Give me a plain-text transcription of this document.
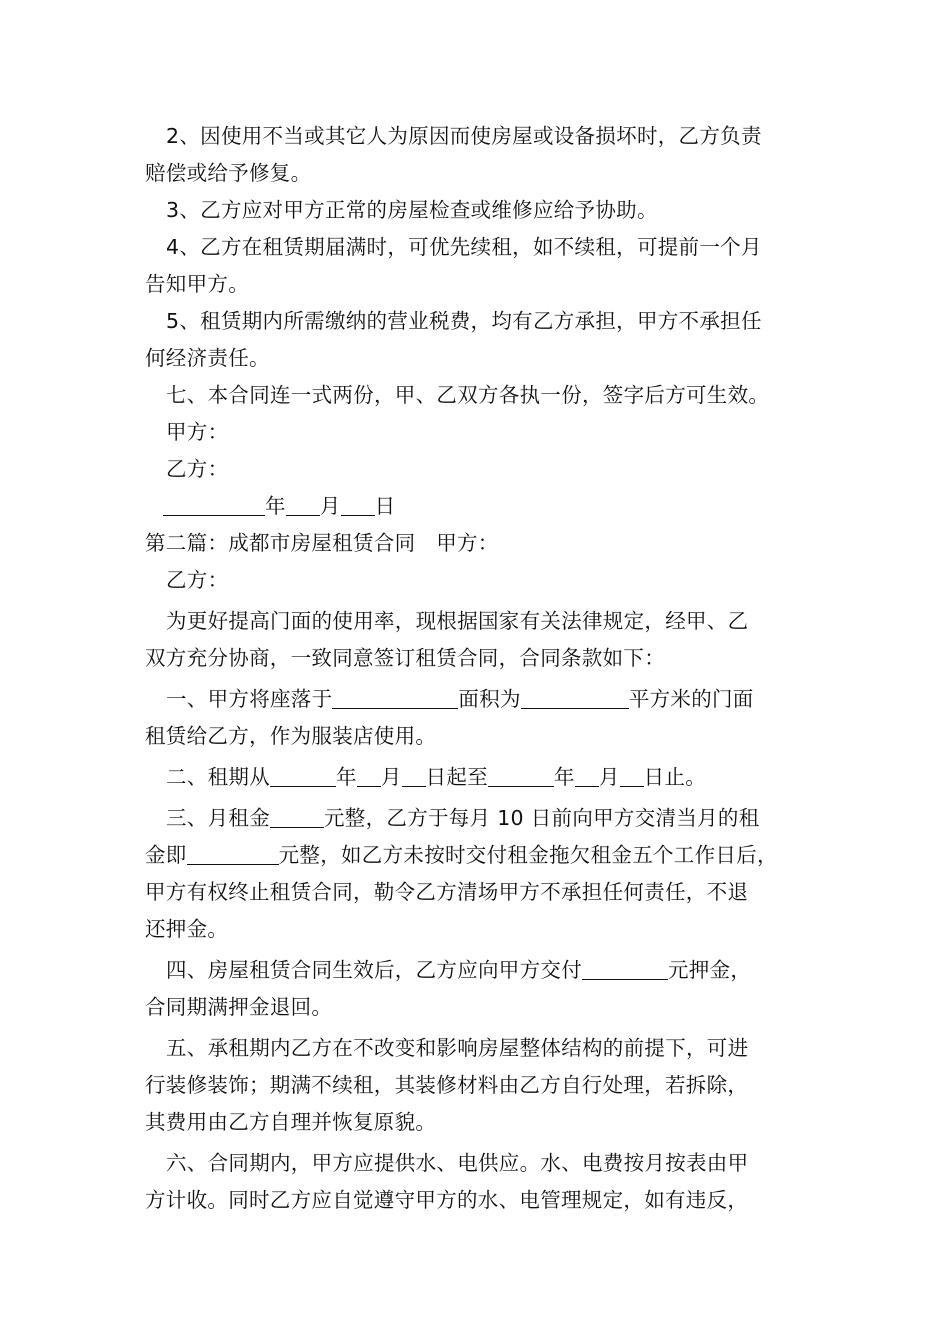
2、因使用不当或其它人为原因而使房屋或设备损坏时，乙方负责
赔偿或给予修复。
3、乙方应对甲方正常的房屋检查或维修应给予协助。
4、乙方在租赁期届满时，可优先续租，如不续租，可提前一个月
告知甲方。
5、租赁期内所需缴纳的营业税费，均有乙方承担，甲方不承担任
何经济责任。
七、本合同连一式两份，甲、乙双方各执一份，签字后方可生效。
甲方：
乙方：
年 月 日
第二篇：成都市房屋租赁合同　甲方：
乙方：
为更好提高门面的使用率，现根据国家有关法律规定，经甲、乙
双方充分协商，一致同意签订租赁合同，合同条款如下：
一、甲方将座落于	面积为	平方米的门面
租赁给乙方，作为服装店使用。
二、租期从	年 月 日起至	年 月 日止。
三、月租金	元整，乙方于每月 10 日前向甲方交清当月的租
金即	元整，如乙方未按时交付租金拖欠租金五个工作日后，
甲方有权终止租赁合同，勒令乙方清场甲方不承担任何责任，不退
还押金。
四、房屋租赁合同生效后，乙方应向甲方交付	元押金，
合同期满押金退回。
五、承租期内乙方在不改变和影响房屋整体结构的前提下，可进
行装修装饰；期满不续租，其装修材料由乙方自行处理，若拆除，
其费用由乙方自理并恢复原貌。
六、合同期内，甲方应提供水、电供应。水、电费按月按表由甲
方计收。同时乙方应自觉遵守甲方的水、电管理规定，如有违反，
